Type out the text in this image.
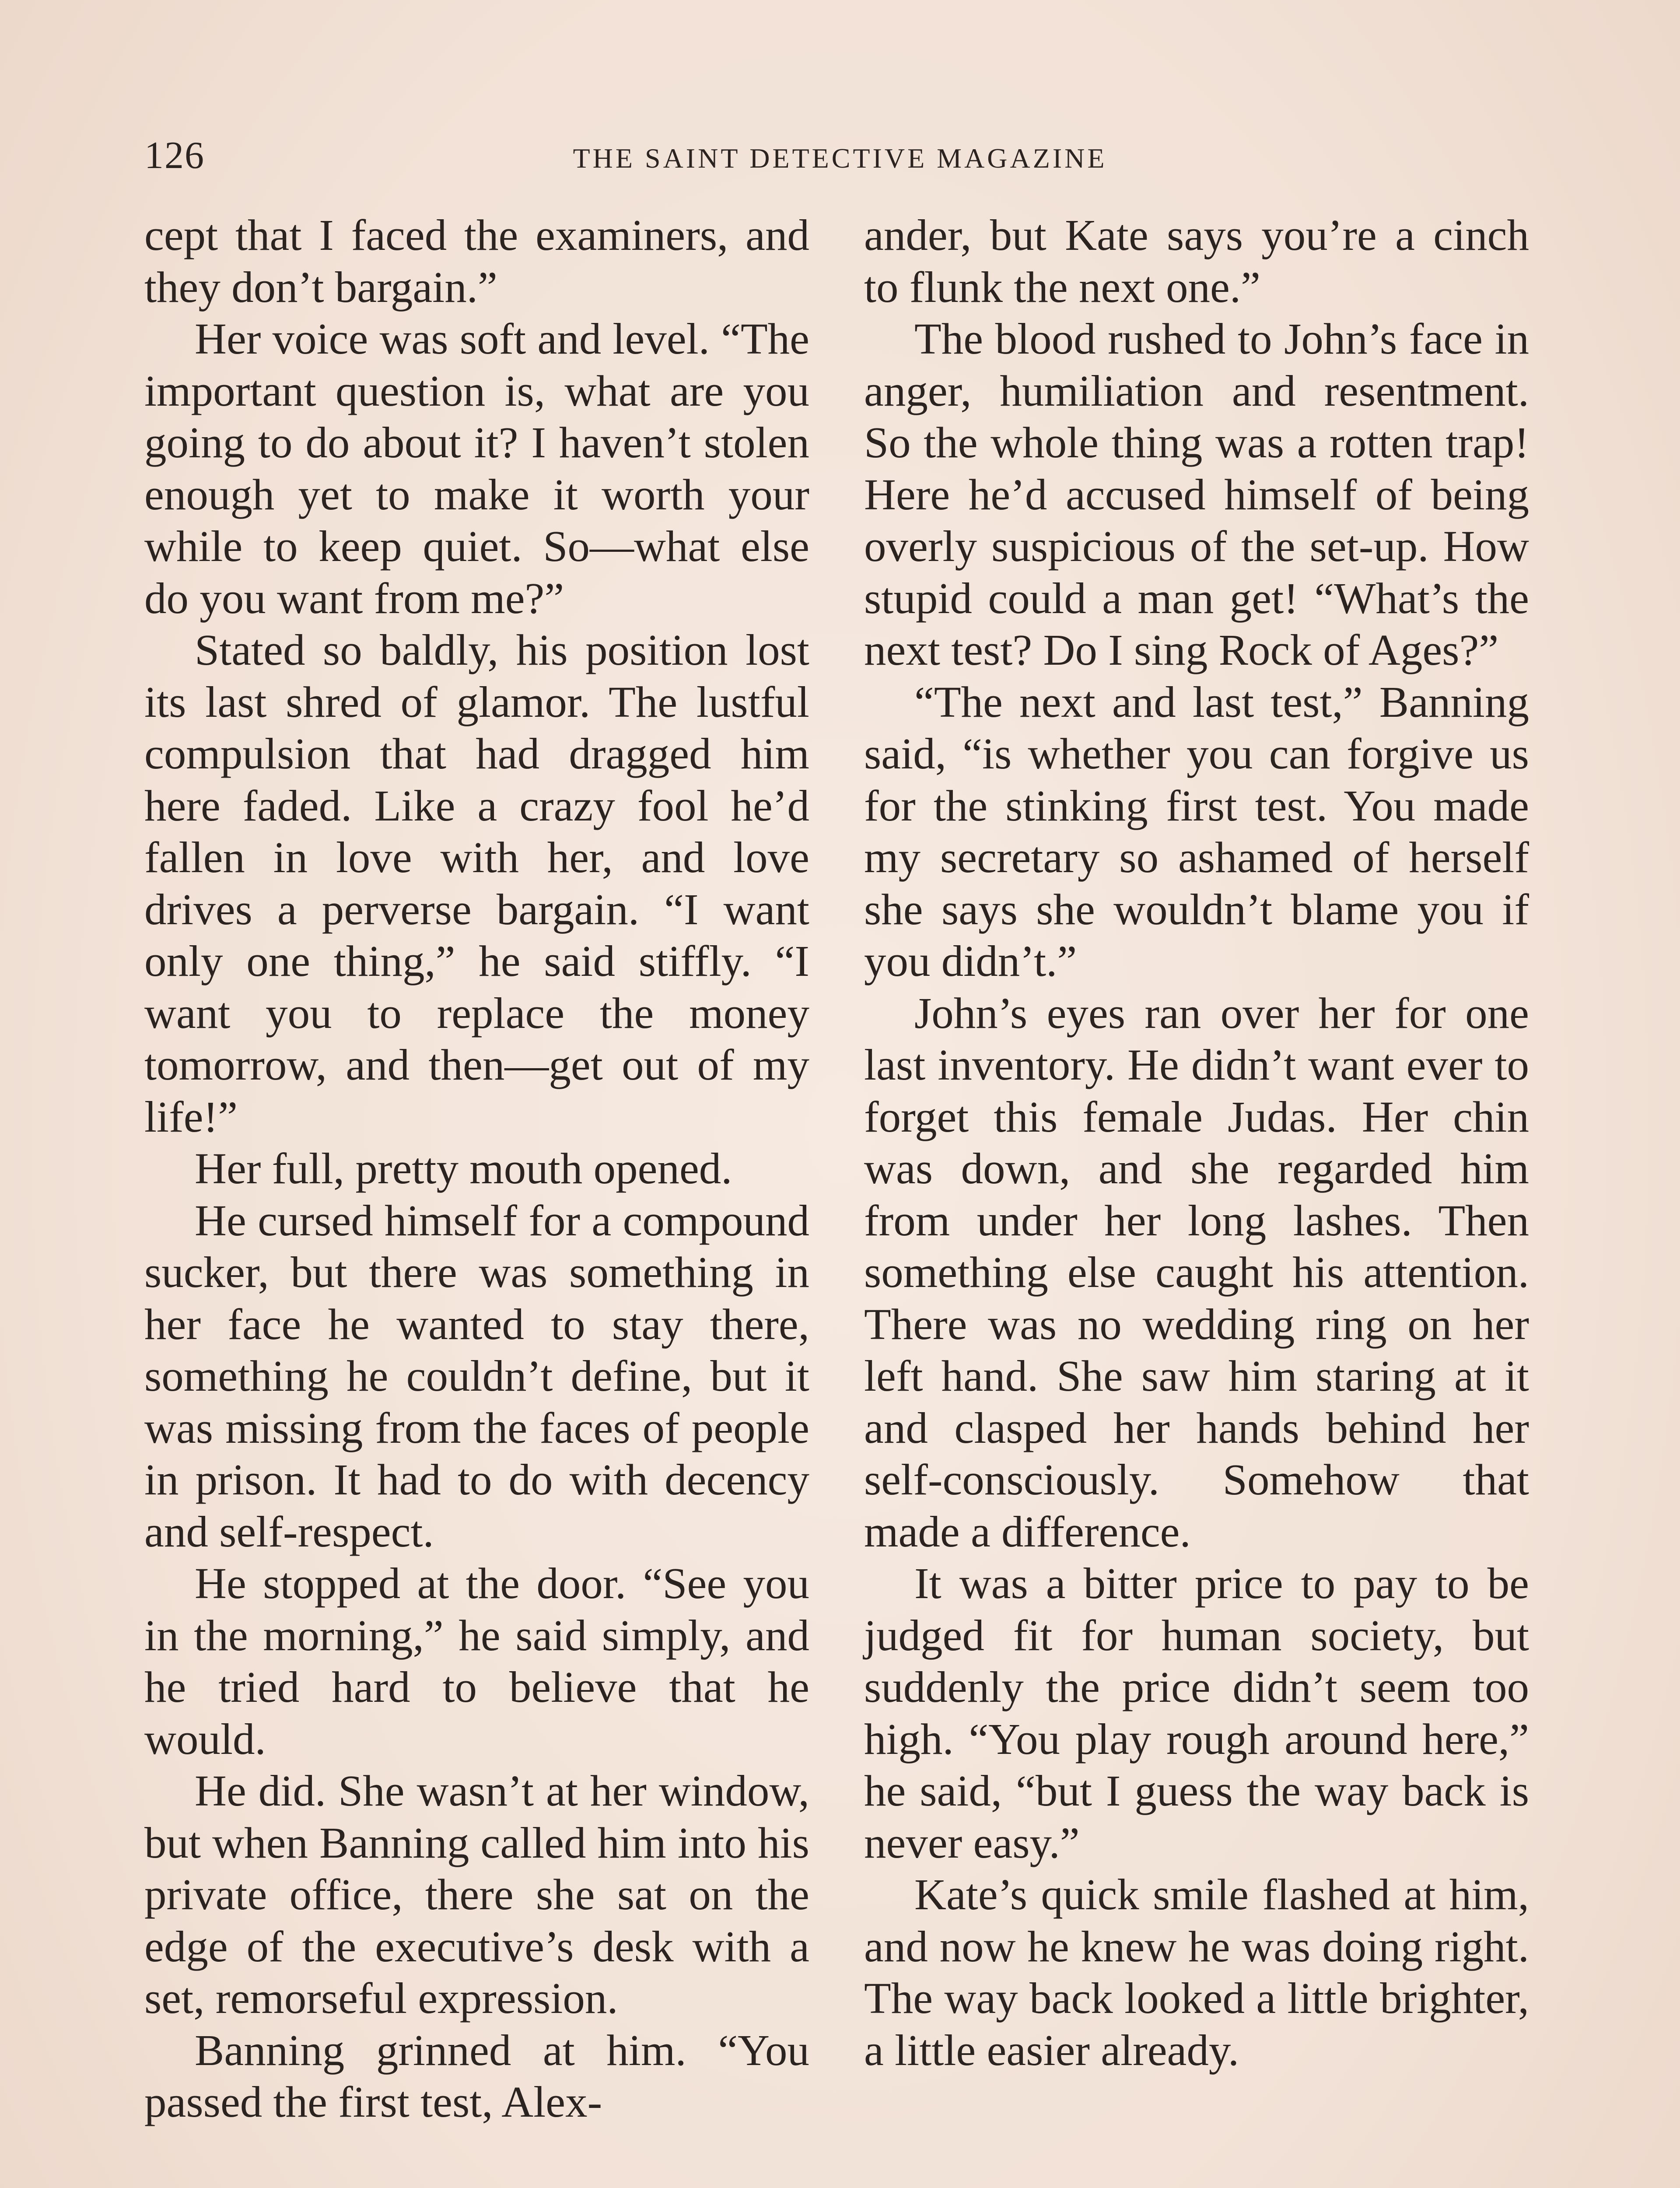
126	THE SAINT DETECTIVE MAGAZINE

cept that I faced the examiners, and they don’t bargain.”

Her voice was soft and level. “The important question is, what are you going to do about it? I haven’t stolen enough yet to make it worth your while to keep quiet. So—what else do you want from me?”

Stated so baldly, his position lost its last shred of glamor. The lustful compulsion that had dragged him here faded. Like a crazy fool he’d fallen in love with her, and love drives a perverse bargain. “I want only one thing,” he said stiffly. “I want you to replace the money tomorrow, and then—get out of my life!”

Her full, pretty mouth opened.

He cursed himself for a compound sucker, but there was something in her face he wanted to stay there, something he couldn’t define, but it was missing from the faces of people in prison. It had to do with decency and self-respect.

He stopped at the door. “See you in the morning,” he said simply, and he tried hard to believe that he would.

He did. She wasn’t at her window, but when Banning called him into his private office, there she sat on the edge of the executive’s desk with a set, remorseful expression.

Banning grinned at him. “You passed the first test, Alex-

ander, but Kate says you’re a cinch to flunk the next one.”

The blood rushed to John’s face in anger, humiliation and resentment. So the whole thing was a rotten trap! Here he’d accused himself of being overly suspicious of the set-up. How stupid could a man get! “What’s the next test? Do I sing Rock of Ages?”

“The next and last test,” Banning said, “is whether you can forgive us for the stinking first test. You made my secretary so ashamed of herself she says she wouldn’t blame you if you didn’t.”

John’s eyes ran over her for one last inventory. He didn’t want ever to forget this female Judas. Her chin was down, and she regarded him from under her long lashes. Then something else caught his attention. There was no wedding ring on her left hand. She saw him staring at it and clasped her hands behind her self-consciously. Somehow that made a difference.

It was a bitter price to pay to be judged fit for human society, but suddenly the price didn’t seem too high. “You play rough around here,” he said, “but I guess the way back is never easy.”

Kate’s quick smile flashed at him, and now he knew he was doing right. The way back looked a little brighter, a little easier already.
